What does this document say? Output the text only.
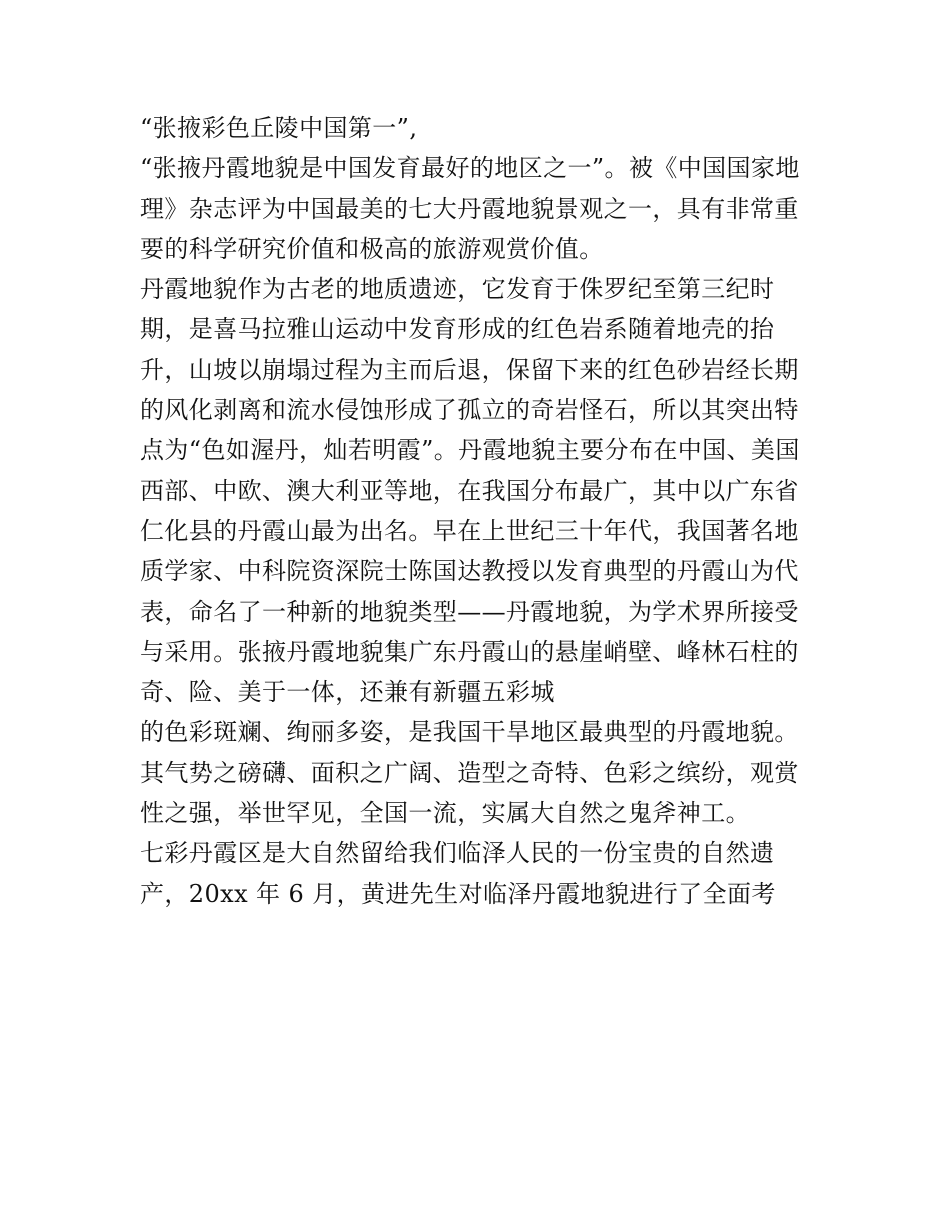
“张掖彩色丘陵中国第一”,
“张掖丹霞地貌是中国发育最好的地区之一”。被《中国国家地
理》杂志评为中国最美的七大丹霞地貌景观之一，具有非常重
要的科学研究价值和极高的旅游观赏价值。
丹霞地貌作为古老的地质遗迹，它发育于侏罗纪至第三纪时
期，是喜马拉雅山运动中发育形成的红色岩系随着地壳的抬
升，山坡以崩塌过程为主而后退，保留下来的红色砂岩经长期
的风化剥离和流水侵蚀形成了孤立的奇岩怪石，所以其突出特
点为“色如渥丹，灿若明霞”。丹霞地貌主要分布在中国、美国
西部、中欧、澳大利亚等地，在我国分布最广，其中以广东省
仁化县的丹霞山最为出名。早在上世纪三十年代，我国著名地
质学家、中科院资深院士陈国达教授以发育典型的丹霞山为代
表，命名了一种新的地貌类型——丹霞地貌，为学术界所接受
与采用。张掖丹霞地貌集广东丹霞山的悬崖峭壁、峰林石柱的
奇、险、美于一体，还兼有新疆五彩城
的色彩斑斓、绚丽多姿，是我国干旱地区最典型的丹霞地貌。
其气势之磅礴、面积之广阔、造型之奇特、色彩之缤纷，观赏
性之强，举世罕见，全国一流，实属大自然之鬼斧神工。
七彩丹霞区是大自然留给我们临泽人民的一份宝贵的自然遗
产，20xx 年 6 月，黄进先生对临泽丹霞地貌进行了全面考
